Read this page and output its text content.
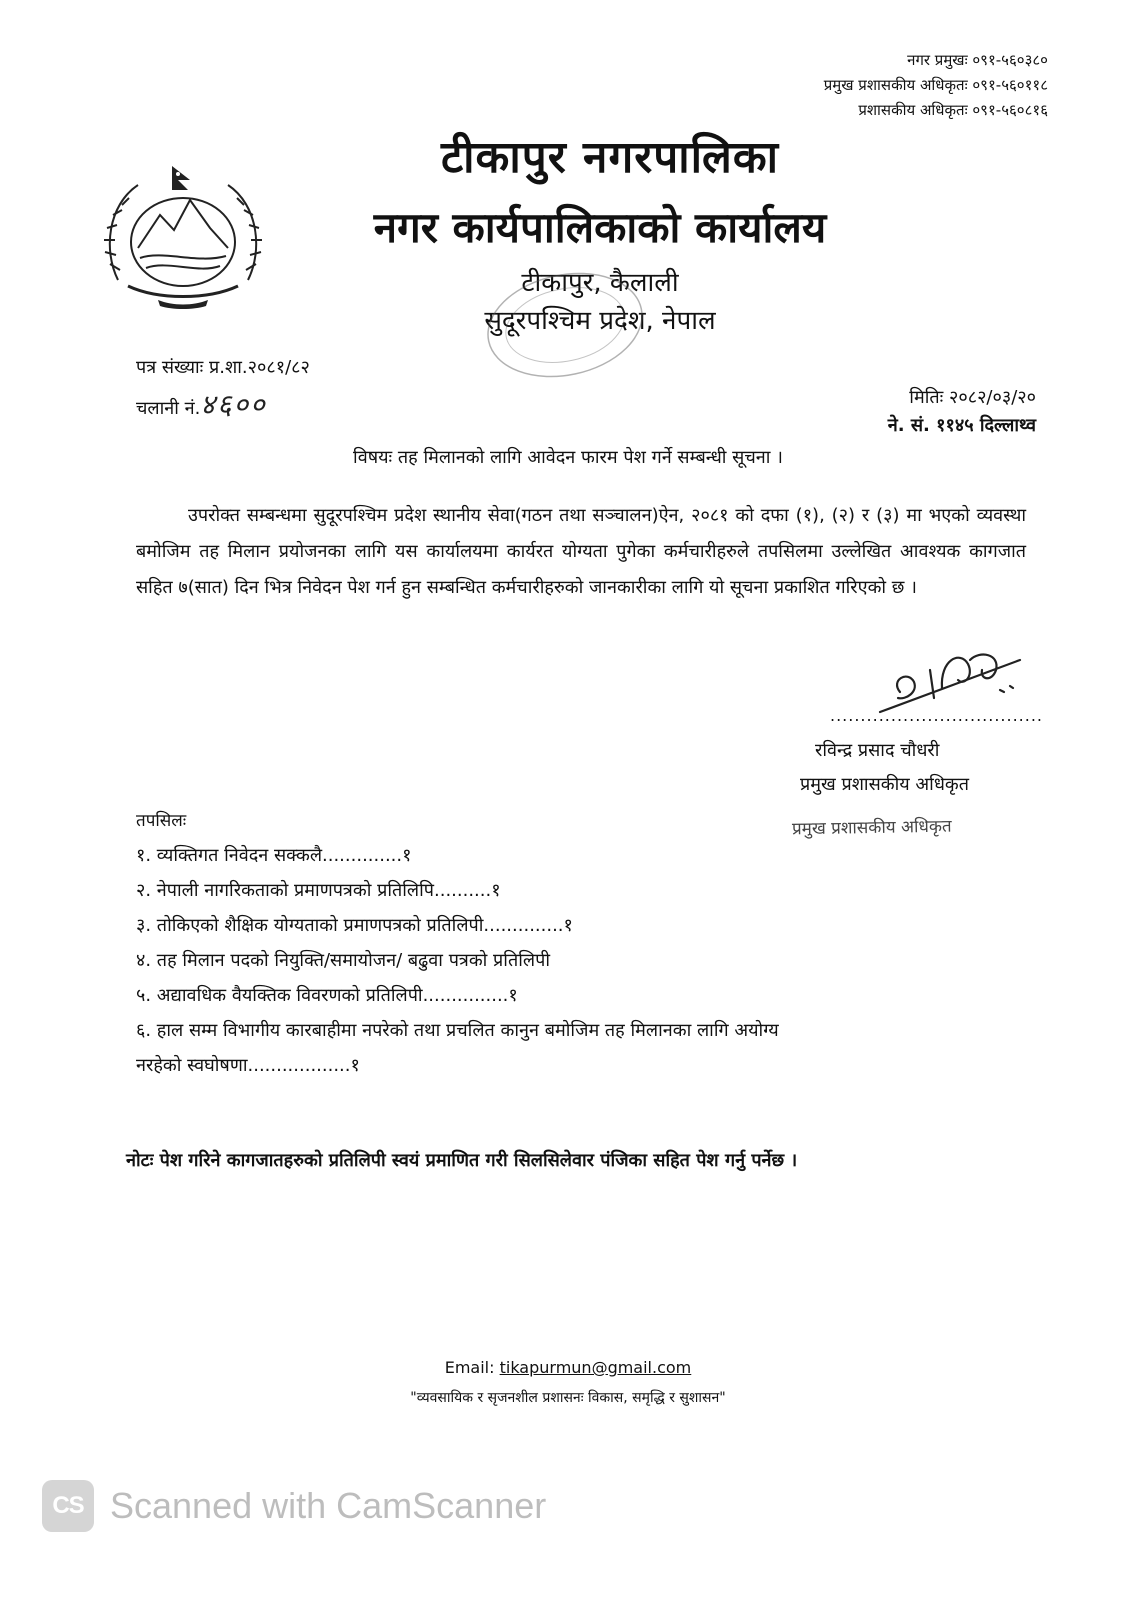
नगर प्रमुखः ०९१-५६०३८०
प्रमुख प्रशासकीय अधिकृतः ०९१-५६०११८
प्रशासकीय अधिकृतः ०९१-५६०८१६
टीकापुर नगरपालिका
नगर कार्यपालिकाको कार्यालय
टीकापुर, कैलाली
सुदूरपश्चिम प्रदेश, नेपाल
पत्र संख्याः प्र.शा.२०८१/८२
चलानी नं.४६००	मितिः २०८२/०३/२०
ने. सं. ११४५ दिल्लाथ्व
विषयः तह मिलानको लागि आवेदन फारम पेश गर्ने सम्बन्धी सूचना ।
उपरोक्त सम्बन्धमा सुदूरपश्चिम प्रदेश स्थानीय सेवा(गठन तथा सञ्चालन)ऐन, २०८१ को दफा (१), (२) र (३) मा भएको व्यवस्था बमोजिम तह मिलान प्रयोजनका लागि यस कार्यालयमा कार्यरत योग्यता पुगेका कर्मचारीहरुले तपसिलमा उल्लेखित आवश्यक कागजात सहित ७(सात) दिन भित्र निवेदन पेश गर्न हुन सम्बन्धित कर्मचारीहरुको जानकारीका लागि यो सूचना प्रकाशित गरिएको छ ।
...................................
रविन्द्र प्रसाद चौधरी
प्रमुख प्रशासकीय अधिकृत
प्रमुख प्रशासकीय अधिकृत
तपसिलः
१. व्यक्तिगत निवेदन सक्कलै..............१
२. नेपाली नागरिकताको प्रमाणपत्रको प्रतिलिपि..........१
३. तोकिएको शैक्षिक योग्यताको प्रमाणपत्रको प्रतिलिपी..............१
४. तह मिलान पदको नियुक्ति/समायोजन/ बढुवा पत्रको प्रतिलिपी
५. अद्यावधिक वैयक्तिक विवरणको प्रतिलिपी...............१
६. हाल सम्म विभागीय कारबाहीमा नपरेको तथा प्रचलित कानुन बमोजिम तह मिलानका लागि अयोग्य
नरहेको स्वघोषणा..................१
नोटः पेश गरिने कागजातहरुको प्रतिलिपी स्वयं प्रमाणित गरी सिलसिलेवार पंजिका सहित पेश गर्नु पर्नेछ ।
Email: tikapurmun@gmail.com
"व्यवसायिक र सृजनशील प्रशासनः विकास, समृद्धि र सुशासन"
CS Scanned with CamScanner
